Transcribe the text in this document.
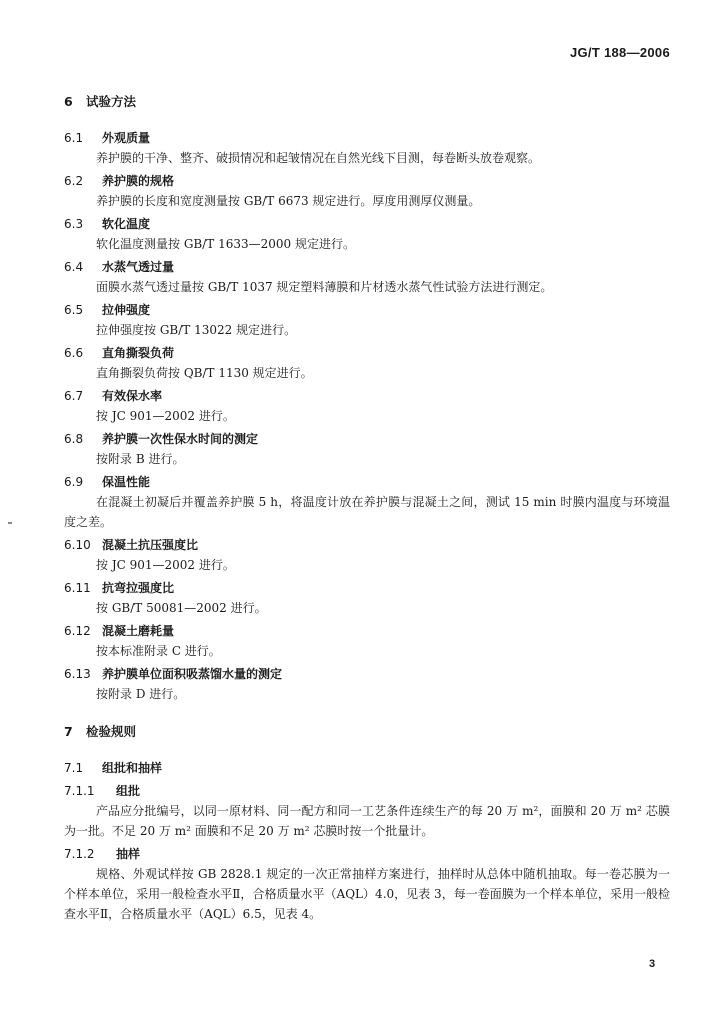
JG/T 188—2006
6 试验方法
6.1 外观质量
养护膜的干净、整齐、破损情况和起皱情况在自然光线下目测，每卷断头放卷观察。
6.2 养护膜的规格
养护膜的长度和宽度测量按 GB/T 6673 规定进行。厚度用测厚仪测量。
6.3 软化温度
软化温度测量按 GB/T 1633—2000 规定进行。
6.4 水蒸气透过量
面膜水蒸气透过量按 GB/T 1037 规定塑料薄膜和片材透水蒸气性试验方法进行测定。
6.5 拉伸强度
拉伸强度按 GB/T 13022 规定进行。
6.6 直角撕裂负荷
直角撕裂负荷按 QB/T 1130 规定进行。
6.7 有效保水率
按 JC 901—2002 进行。
6.8 养护膜一次性保水时间的测定
按附录 B 进行。
6.9 保温性能
在混凝土初凝后并覆盖养护膜 5 h，将温度计放在养护膜与混凝土之间，测试 15 min 时膜内温度与环境温度之差。
6.10 混凝土抗压强度比
按 JC 901—2002 进行。
6.11 抗弯拉强度比
按 GB/T 50081—2002 进行。
6.12 混凝土磨耗量
按本标准附录 C 进行。
6.13 养护膜单位面积吸蒸馏水量的测定
按附录 D 进行。
7 检验规则
7.1 组批和抽样
7.1.1 组批
产品应分批编号，以同一原材料、同一配方和同一工艺条件连续生产的每 20 万 m²，面膜和 20 万 m² 芯膜为一批。不足 20 万 m² 面膜和不足 20 万 m² 芯膜时按一个批量计。
7.1.2 抽样
规格、外观试样按 GB 2828.1 规定的一次正常抽样方案进行，抽样时从总体中随机抽取。每一卷芯膜为一个样本单位，采用一般检查水平Ⅱ，合格质量水平（AQL）4.0，见表 3，每一卷面膜为一个样本单位，采用一般检查水平Ⅱ，合格质量水平（AQL）6.5，见表 4。
3
